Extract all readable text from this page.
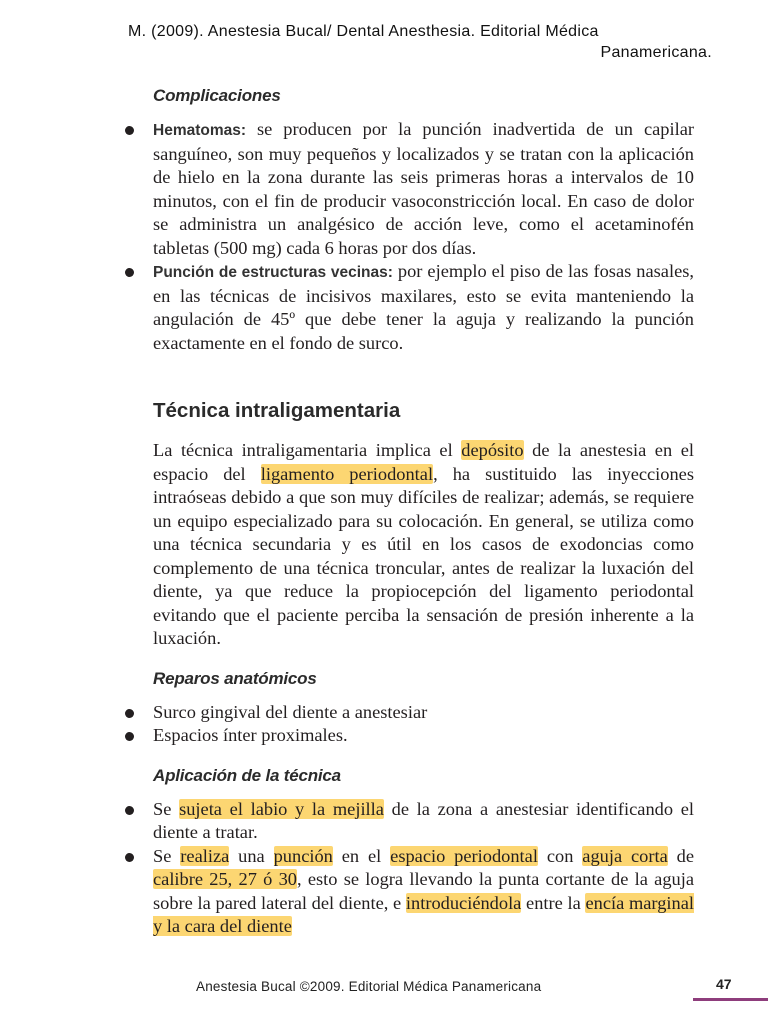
M. (2009). Anestesia Bucal/ Dental Anesthesia. Editorial Médica
Panamericana.
Complicaciones
Hematomas: se producen por la punción inadvertida de un capilar sanguíneo, son muy pequeños y localizados y se tratan con la aplicación de hielo en la zona durante las seis primeras horas a intervalos de 10 minutos, con el fin de producir vasoconstricción local. En caso de dolor se administra un analgésico de acción leve, como el acetaminofén tabletas (500 mg) cada 6 horas por dos días.
Punción de estructuras vecinas: por ejemplo el piso de las fosas nasales, en las técnicas de incisivos maxilares, esto se evita manteniendo la angulación de 45º que debe tener la aguja y realizando la punción exactamente en el fondo de surco.
Técnica intraligamentaria

La técnica intraligamentaria implica el depósito de la anestesia en el espacio del ligamento periodontal, ha sustituido las inyecciones intraóseas debido a que son muy difíciles de realizar; además, se requiere un equipo especializado para su colocación. En general, se utiliza como una técnica secundaria y es útil en los casos de exodoncias como complemento de una técnica troncular, antes de realizar la luxación del diente, ya que reduce la propiocepción del ligamento periodontal evitando que el paciente perciba la sensación de presión inherente a la luxación.

Reparos anatómicos
Surco gingival del diente a anestesiar
Espacios ínter proximales.
Aplicación de la técnica
Se sujeta el labio y la mejilla de la zona a anestesiar identificando el diente a tratar.
Se realiza una punción en el espacio periodontal con aguja corta de calibre 25, 27 ó 30, esto se logra llevando la punta cortante de la aguja sobre la pared lateral del diente, e introduciéndola entre la encía marginal y la cara del diente
Anestesia Bucal ©2009. Editorial Médica Panamericana	47
